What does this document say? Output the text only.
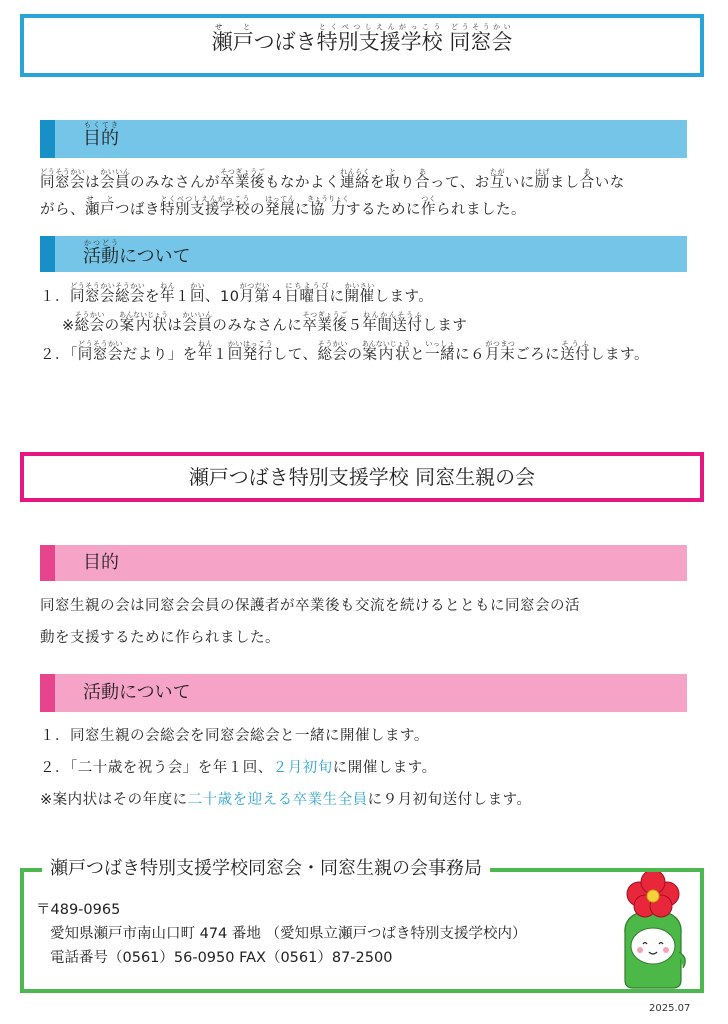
瀬戸せ　とつばき特別支援学校とくべつしえんがっこう 同窓会どうそうかい
目的もくてき
同窓会どうそうかいは会員かいいんのみなさんが卒業後そつぎょうごもなかよく連絡れんらくを取とり合あって、お互たがいに励はげまし合あいな
がら、瀬戸せ　とつばき特別支援学校とくべつしえんがっこうの発展はってんに協力きょうりょくするために作つくられました。
活動かつどうについて
１．同窓会総会どうそうかいそうかいを年ねん１回かい、10月第がつだい４日曜日にちようびに開催かいさいします。
※総会そうかいの案内状あんないじょうは会員かいいんのみなさんに卒業後そつぎょうご５年間送付ねんかんそうふします
２．「同窓会どうそうかいだより」を年ねん１回かい発行はっこうして、総会そうかいの案内状あんないじょうと一緒いっしょに６月末がつまつごろに送付そうふします。
瀬戸つばき特別支援学校 同窓生親の会
目的
同窓生親の会は同窓会会員の保護者が卒業後も交流を続けるとともに同窓会の活
動を支援するために作られました。
活動について
１．同窓生親の会総会を同窓会総会と一緒に開催します。
２．「二十歳を祝う会」を年１回、２月初旬に開催します。
※案内状はその年度に二十歳を迎える卒業生全員に９月初旬送付します。
瀬戸つばき特別支援学校同窓会・同窓生親の会事務局
〒489-0965
愛知県瀬戸市南山口町 474 番地 （愛知県立瀬戸つばき特別支援学校内）
電話番号（0561）56-0950 FAX（0561）87-2500
2025.07
